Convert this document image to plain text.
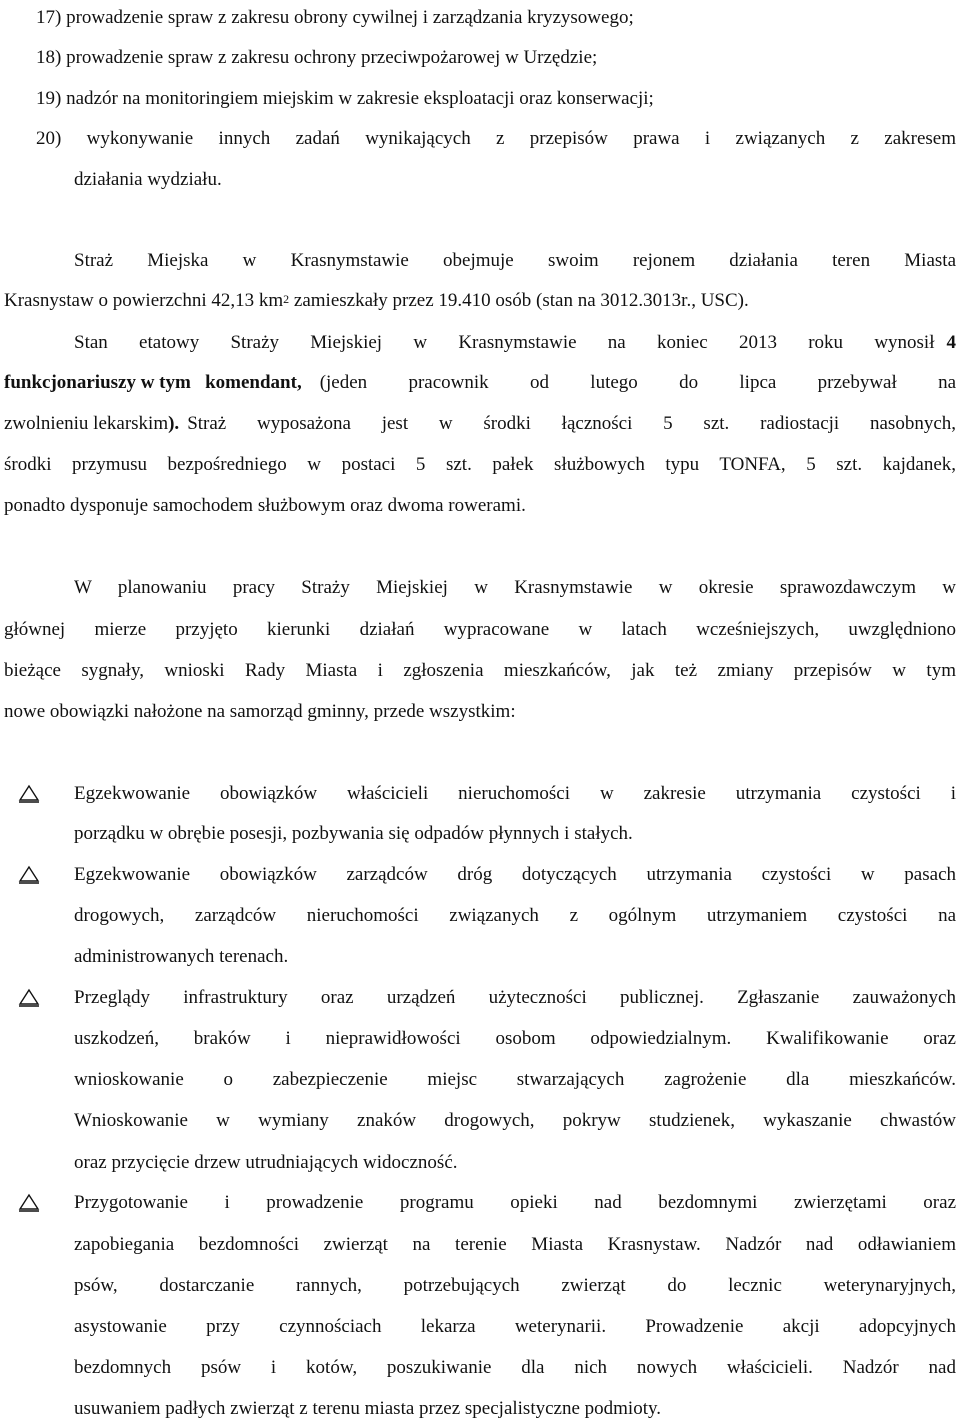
17) prowadzenie spraw z zakresu obrony cywilnej i zarządzania kryzysowego;
18) prowadzenie spraw z zakresu ochrony przeciwpożarowej w Urzędzie;
19) nadzór na monitoringiem miejskim w zakresie eksploatacji oraz konserwacji;
20) wykonywanie innych zadań wynikających z przepisów prawa i związanych z zakresem
działania wydziału.
Straż Miejska w Krasnymstawie obejmuje swoim rejonem działania teren Miasta
Krasnystaw o powierzchni 42,13 $km^2$ zamieszkały przez 19.410 osób (stan na 3012.3013r., USC).
Stan etatowy Straży Miejskiej w Krasnymstawie na koniec 2013 roku wynosił 4
funkcjonariuszy w tym   komendant, (jeden pracownik od lutego do lipca przebywał na
zwolnieniu lekarskim ). Straż wyposażona jest w środki łączności 5 szt. radiostacji nasobnych,
środki przymusu bezpośredniego w postaci 5 szt. pałek służbowych typu TONFA, 5 szt. kajdanek,
ponadto dysponuje samochodem służbowym oraz dwoma rowerami.
W planowaniu pracy Straży Miejskiej w Krasnymstawie w okresie sprawozdawczym w
głównej mierze przyjęto kierunki działań wypracowane w latach wcześniejszych, uwzględniono
bieżące sygnały, wnioski Rady Miasta i zgłoszenia mieszkańców, jak też zmiany przepisów w tym
nowe obowiązki nałożone na samorząd gminny, przede wszystkim:
Egzekwowanie obowiązków właścicieli nieruchomości w zakresie utrzymania czystości i
porządku w obrębie posesji, pozbywania się odpadów płynnych i stałych.
Egzekwowanie obowiązków zarządców dróg dotyczących utrzymania czystości w pasach
drogowych, zarządców nieruchomości związanych z ogólnym utrzymaniem czystości na
administrowanych terenach.
Przeglądy infrastruktury oraz urządzeń użyteczności publicznej. Zgłaszanie zauważonych
uszkodzeń, braków i nieprawidłowości osobom odpowiedzialnym. Kwalifikowanie oraz
wnioskowanie o zabezpieczenie miejsc stwarzających zagrożenie dla mieszkańców.
Wnioskowanie w wymiany znaków drogowych, pokryw studzienek, wykaszanie chwastów
oraz przycięcie drzew utrudniających widoczność.
Przygotowanie i prowadzenie programu opieki nad bezdomnymi zwierzętami oraz
zapobiegania bezdomności zwierząt na terenie Miasta Krasnystaw. Nadzór nad odławianiem
psów, dostarczanie rannych, potrzebujących zwierząt do lecznic weterynaryjnych,
asystowanie przy czynnościach lekarza weterynarii. Prowadzenie akcji adopcyjnych
bezdomnych psów i kotów, poszukiwanie dla nich nowych właścicieli. Nadzór nad
usuwaniem padłych zwierząt z terenu miasta przez specjalistyczne podmioty.
